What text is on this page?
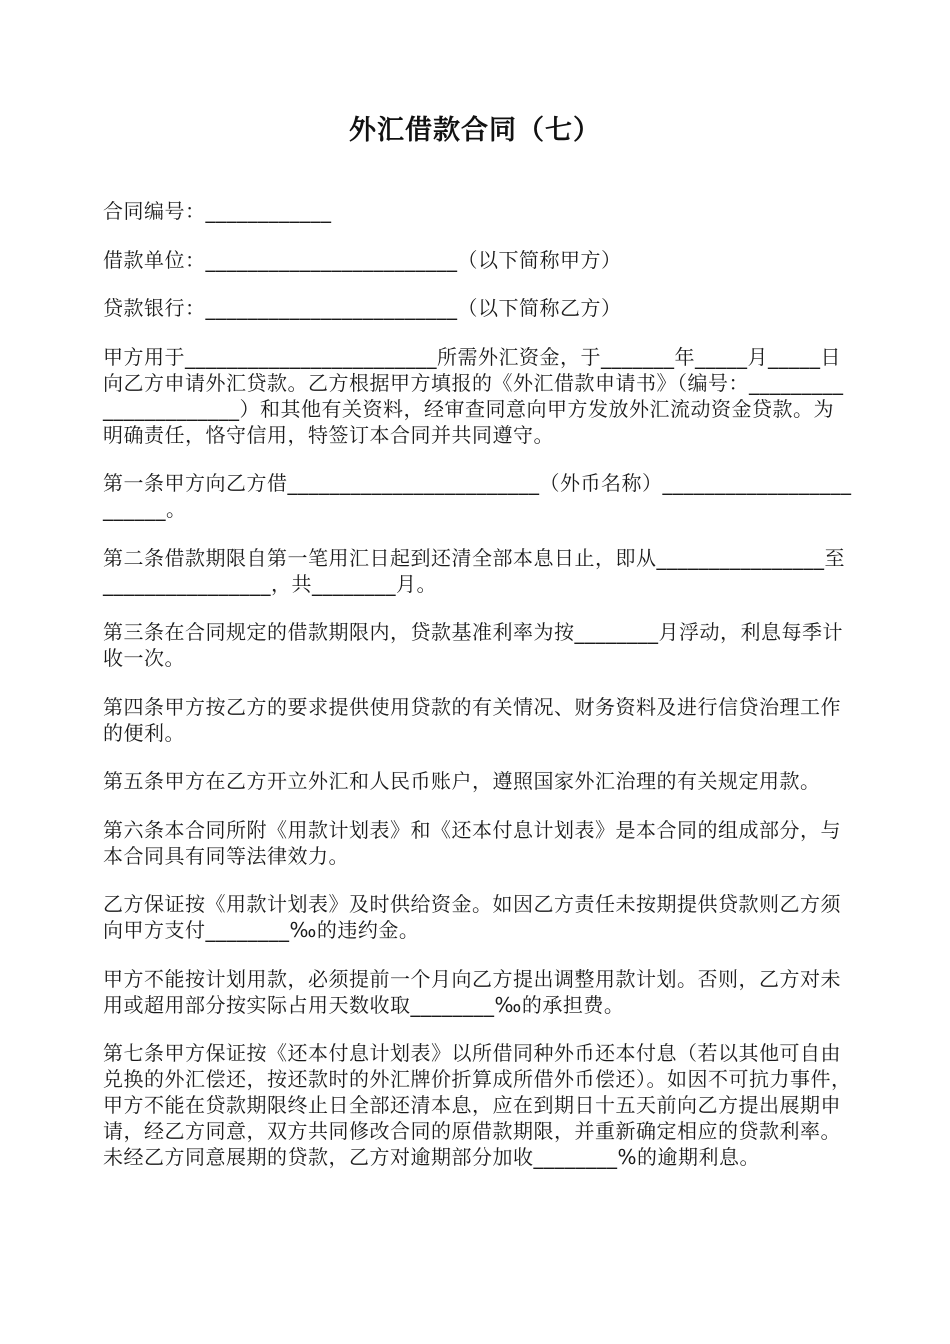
外汇借款合同（七）

合同编号：____________

借款单位：________________________（以下简称甲方）

贷款银行：________________________（以下简称乙方）

甲方用于________________________所需外汇资金，于_______年_____月_____日向乙方申请外汇贷款。乙方根据甲方填报的《外汇借款申请书》（编号：______________________）和其他有关资料，经审查同意向甲方发放外汇流动资金贷款。为明确责任，恪守信用，特签订本合同并共同遵守。

第一条甲方向乙方借________________________（外币名称）________________________。

第二条借款期限自第一笔用汇日起到还清全部本息日止，即从________________至________________，共________月。

第三条在合同规定的借款期限内，贷款基准利率为按________月浮动，利息每季计收一次。

第四条甲方按乙方的要求提供使用贷款的有关情况、财务资料及进行信贷治理工作的便利。

第五条甲方在乙方开立外汇和人民币账户，遵照国家外汇治理的有关规定用款。

第六条本合同所附《用款计划表》和《还本付息计划表》是本合同的组成部分，与本合同具有同等法律效力。

乙方保证按《用款计划表》及时供给资金。如因乙方责任未按期提供贷款则乙方须向甲方支付________‰的违约金。

甲方不能按计划用款，必须提前一个月向乙方提出调整用款计划。否则，乙方对未用或超用部分按实际占用天数收取________‰的承担费。

第七条甲方保证按《还本付息计划表》以所借同种外币还本付息（若以其他可自由兑换的外汇偿还，按还款时的外汇牌价折算成所借外币偿还）。如因不可抗力事件，甲方不能在贷款期限终止日全部还清本息，应在到期日十五天前向乙方提出展期申请，经乙方同意，双方共同修改合同的原借款期限，并重新确定相应的贷款利率。未经乙方同意展期的贷款，乙方对逾期部分加收________%的逾期利息。
